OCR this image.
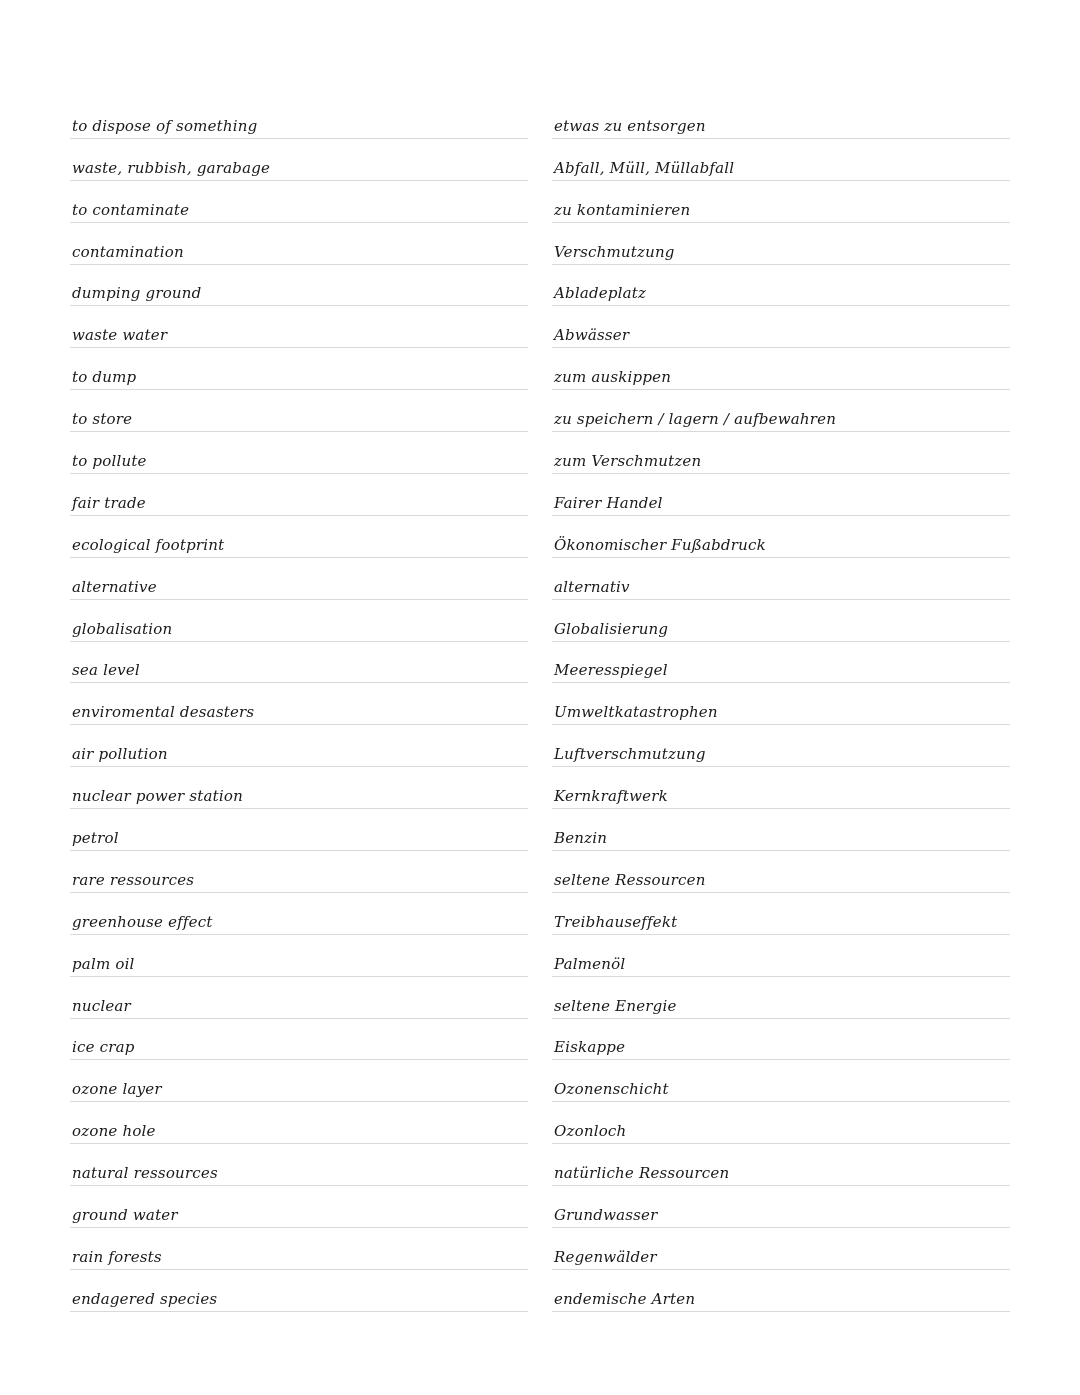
to dispose of something	etwas zu entsorgen
waste, rubbish, garabage	Abfall, Müll, Müllabfall
to contaminate	zu kontaminieren
contamination	Verschmutzung
dumping ground	Abladeplatz
waste water	Abwässer
to dump	zum auskippen
to store	zu speichern / lagern / aufbewahren
to pollute	zum Verschmutzen
fair trade	Fairer Handel
ecological footprint	Ökonomischer Fußabdruck
alternative	alternativ
globalisation	Globalisierung
sea level	Meeresspiegel
enviromental desasters	Umweltkatastrophen
air pollution	Luftverschmutzung
nuclear power station	Kernkraftwerk
petrol	Benzin
rare ressources	seltene Ressourcen
greenhouse effect	Treibhauseffekt
palm oil	Palmenöl
nuclear	seltene Energie
ice crap	Eiskappe
ozone layer	Ozonenschicht
ozone hole	Ozonloch
natural ressources	natürliche Ressourcen
ground water	Grundwasser
rain forests	Regenwälder
endagered species	endemische Arten
